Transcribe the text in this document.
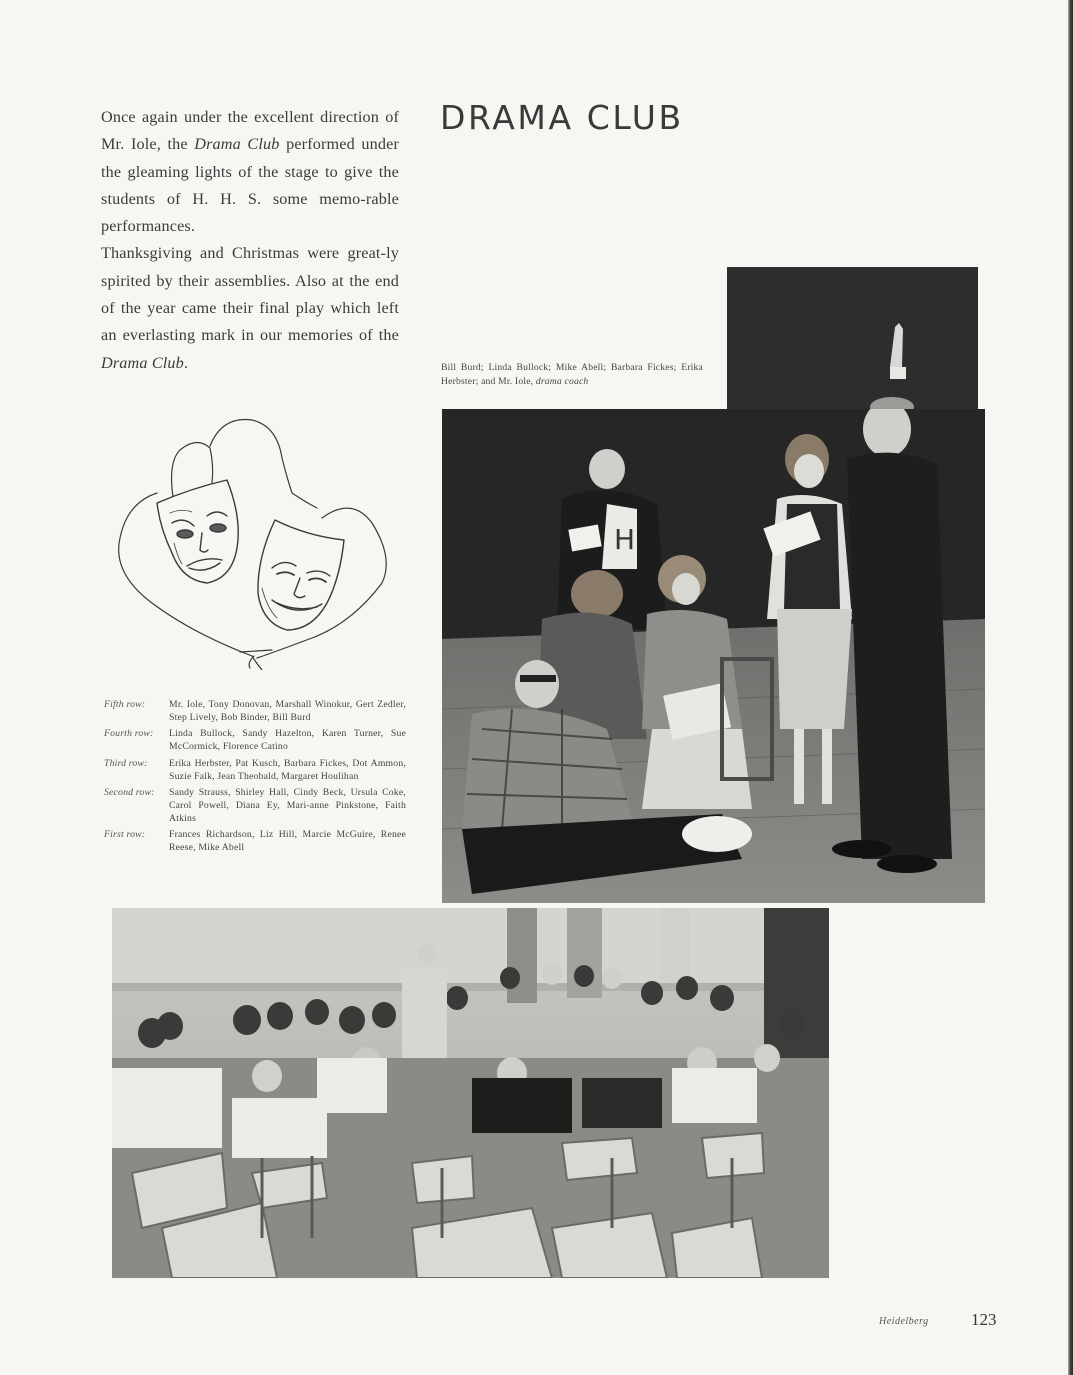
Once again under the excellent direction of Mr. Iole, the Drama Club performed under the gleaming lights of the stage to give the students of H. H. S. some memo-rable performances.

Thanksgiving and Christmas were great-ly spirited by their assemblies. Also at the end of the year came their final play which left an everlasting mark in our memories of the Drama Club.

DRAMA CLUB
Bill Burd; Linda Bullock; Mike Abell; Barbara Fickes; Erika Herbster; and Mr. Iole, drama coach
H
Fifth row:	Mr. Iole, Tony Donovan, Marshall Winokur, Gert Zedler, Step Lively, Bob Binder, Bill Burd
Fourth row:	Linda Bullock, Sandy Hazelton, Karen Turner, Sue McCormick, Florence Catino
Third row:	Erika Herbster, Pat Kusch, Barbara Fickes, Dot Ammon, Suzie Falk, Jean Theobald, Margaret Houlihan
Second row:	Sandy Strauss, Shirley Hall, Cindy Beck, Ursula Coke, Carol Powell, Diana Ey, Mari-anne Pinkstone, Faith Atkins
First row:	Frances Richardson, Liz Hill, Marcie McGuire, Renee Reese, Mike Abell
Heidelberg 123
